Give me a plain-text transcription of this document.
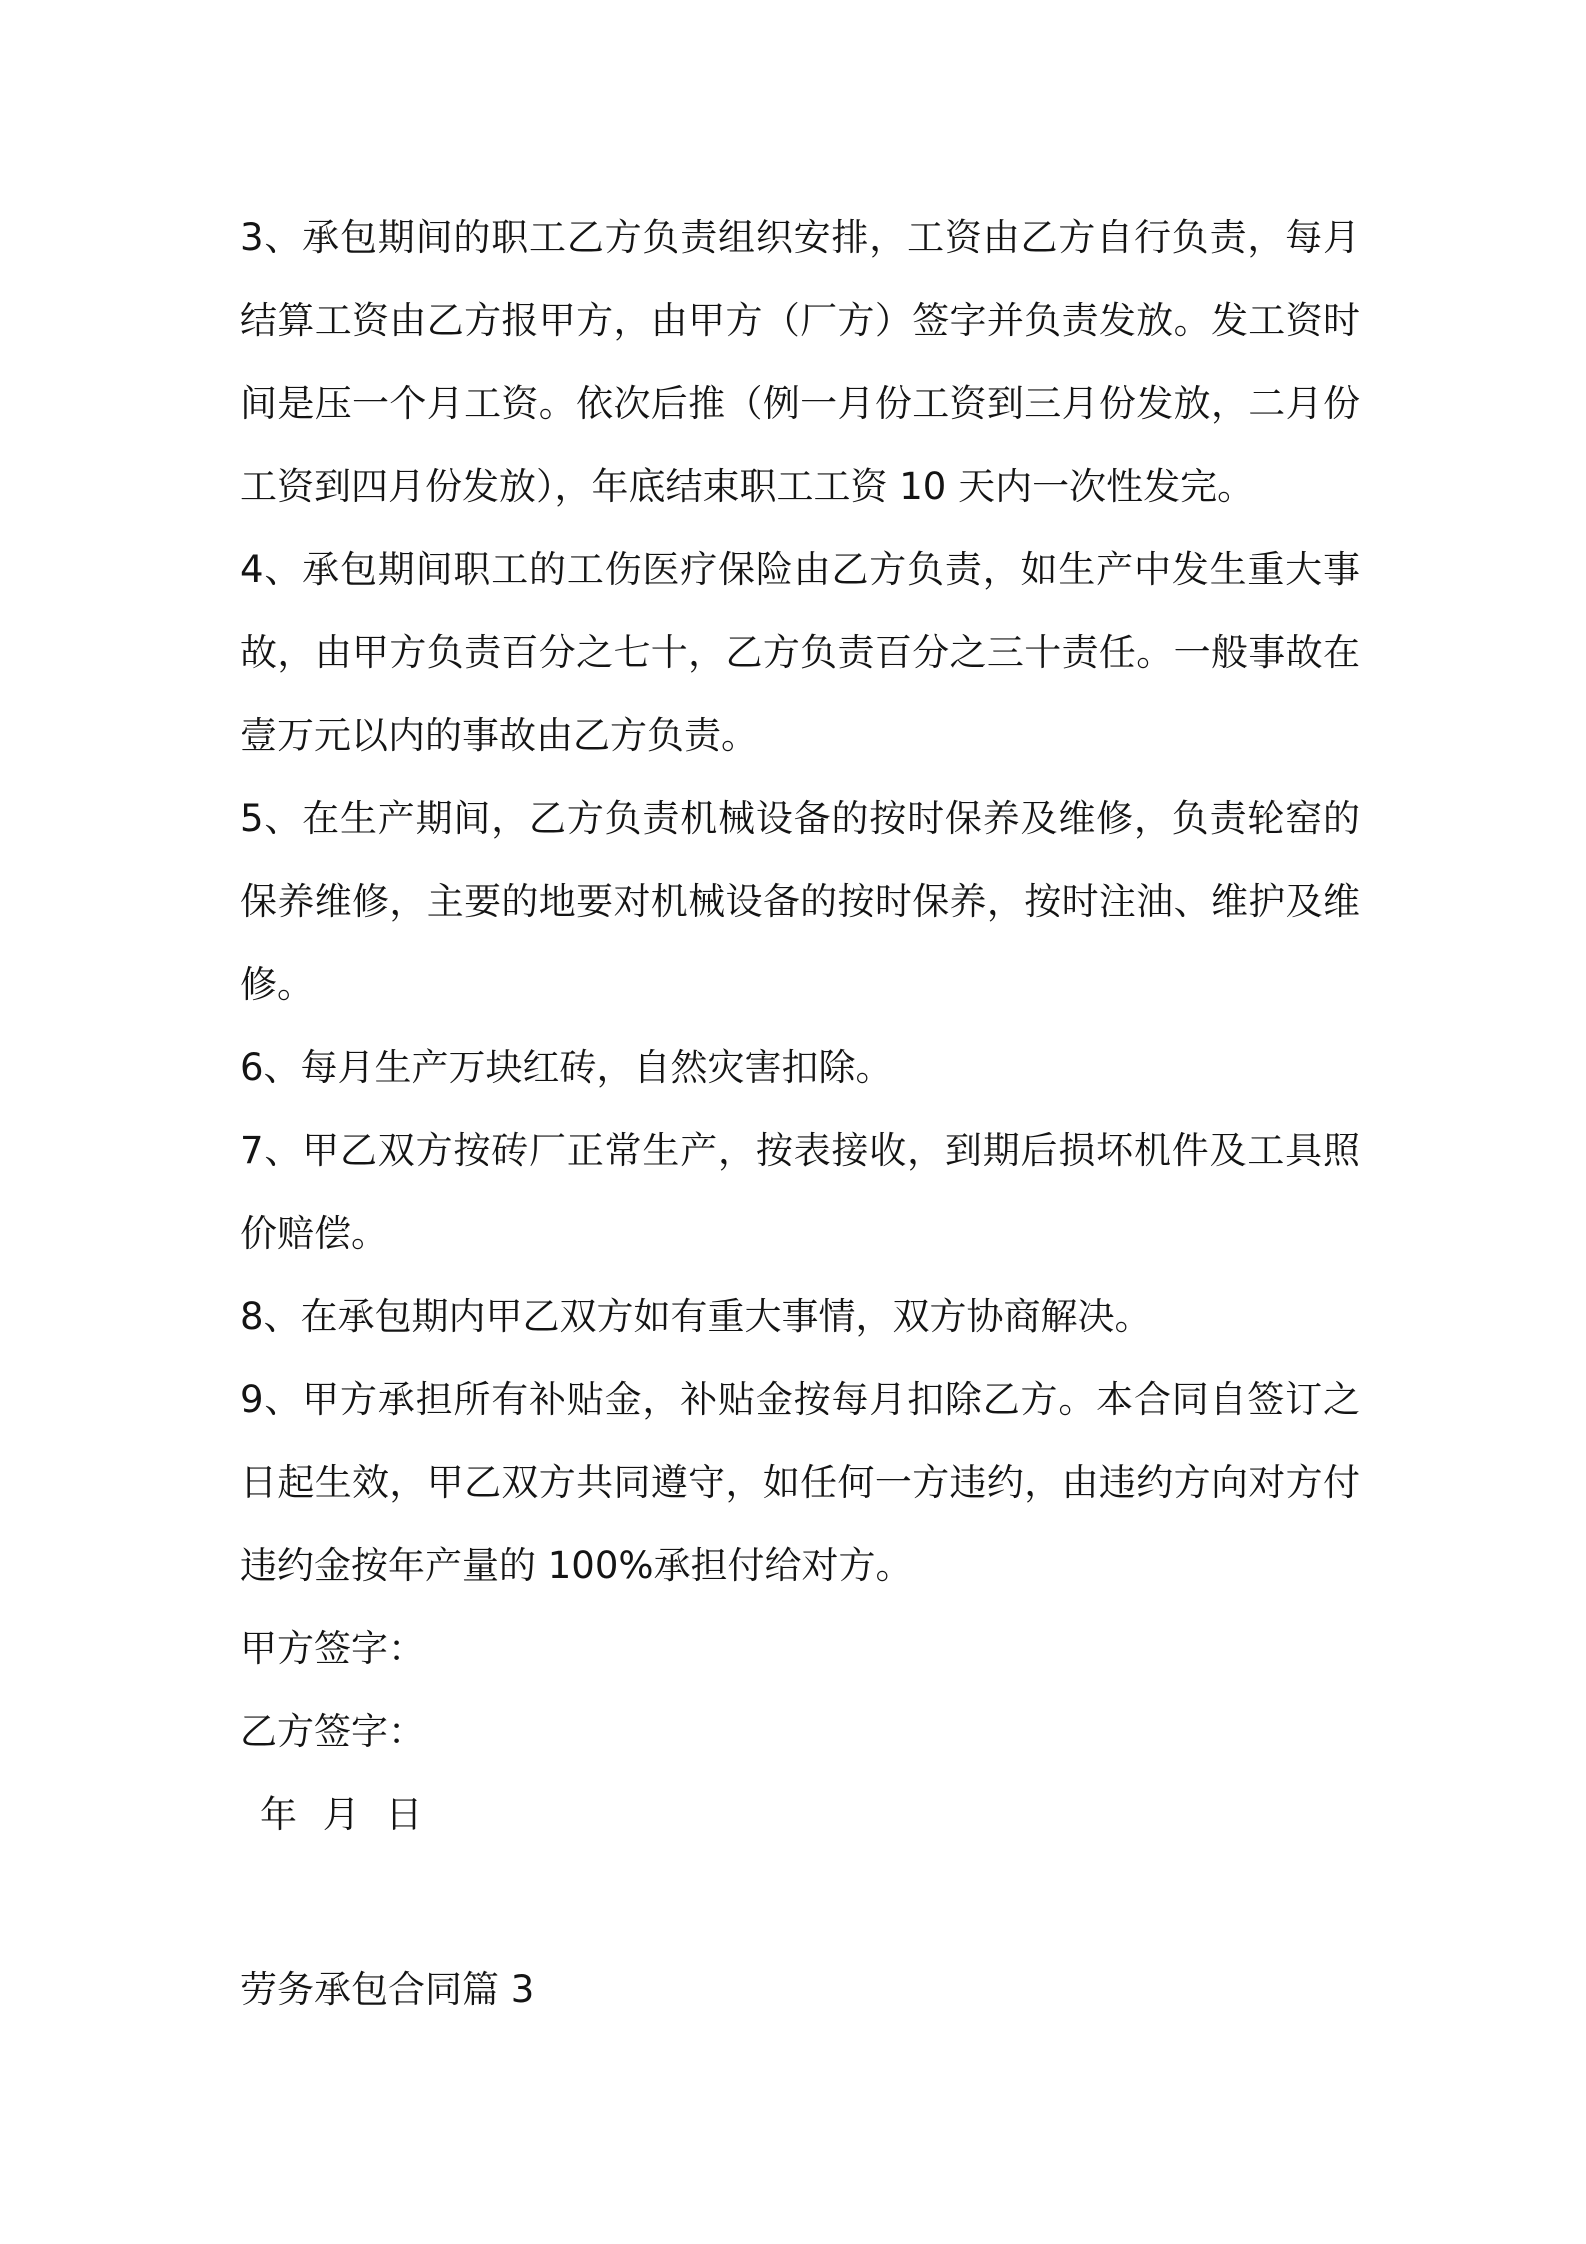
3、承包期间的职工乙方负责组织安排，工资由乙方自行负责，每月结算工资由乙方报甲方，由甲方（厂方）签字并负责发放。发工资时间是压一个月工资。依次后推（例一月份工资到三月份发放，二月份工资到四月份发放），年底结束职工工资 10 天内一次性发完。

4、承包期间职工的工伤医疗保险由乙方负责，如生产中发生重大事故，由甲方负责百分之七十，乙方负责百分之三十责任。一般事故在壹万元以内的事故由乙方负责。

5、在生产期间，乙方负责机械设备的按时保养及维修，负责轮窑的保养维修，主要的地要对机械设备的按时保养，按时注油、维护及维修。

6、每月生产万块红砖，自然灾害扣除。

7、甲乙双方按砖厂正常生产，按表接收，到期后损坏机件及工具照价赔偿。

8、在承包期内甲乙双方如有重大事情，双方协商解决。

9、甲方承担所有补贴金，补贴金按每月扣除乙方。本合同自签订之日起生效，甲乙双方共同遵守，如任何一方违约，由违约方向对方付违约金按年产量的 100%承担付给对方。

甲方签字：

乙方签字：

年 月 日

劳务承包合同篇 3
